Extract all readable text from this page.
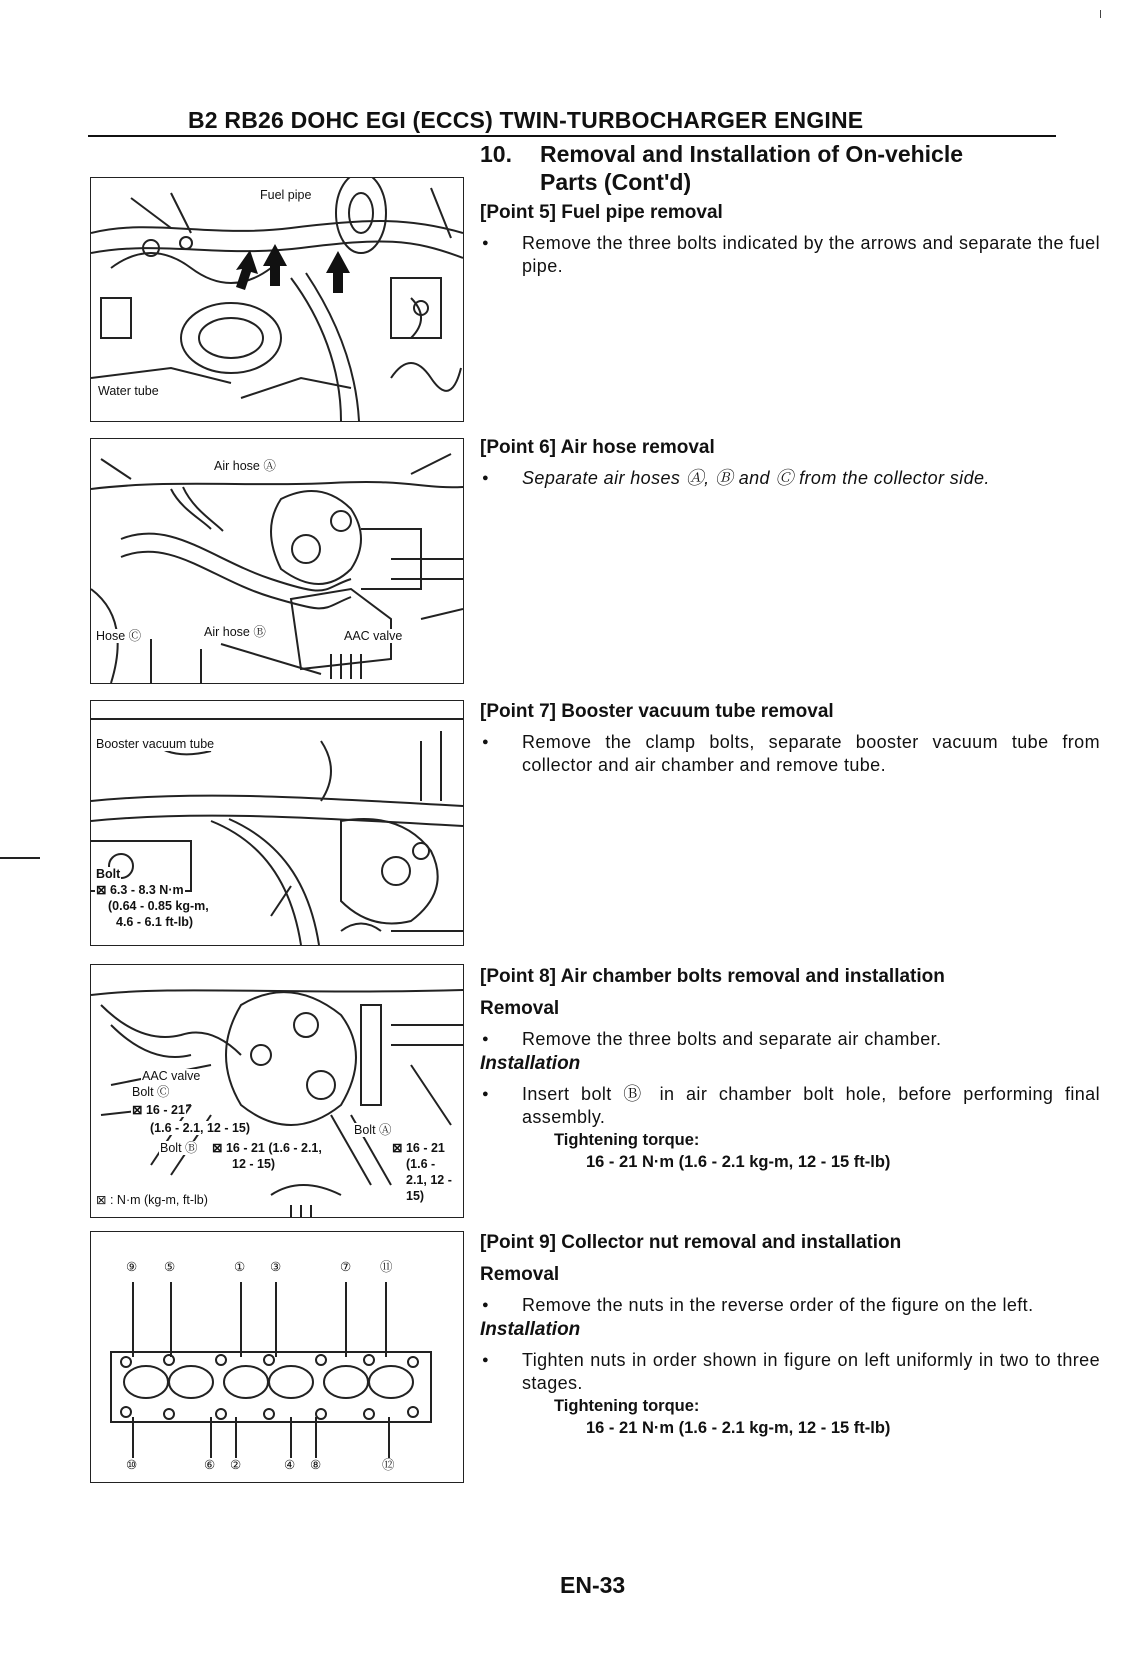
B2 RB26 DOHC EGI (ECCS) TWIN-TURBOCHARGER ENGINE
Fuel pipe
Water tube
Air hose Ⓐ
Hose Ⓒ	Air hose Ⓑ	AAC valve
Booster vacuum tube
Bolt
⊠ 6.3 - 8.3 N·m
(0.64 - 0.85 kg-m,
4.6 - 6.1 ft-lb)
AAC valve
Bolt Ⓒ
⊠ 16 - 21
(1.6 - 2.1, 12 - 15)
Bolt Ⓑ ⊠ 16 - 21 (1.6 - 2.1,
12 - 15)
Bolt Ⓐ
⊠ 16 - 21
(1.6 -
2.1, 12 -
15)
⊠ : N·m (kg-m, ft-lb)
⑨ ⑤	① ③	⑦ ⑪
⑩	⑥ ②	④ ⑧	⑫
10. Removal and Installation of On-vehicle
Parts (Cont'd)
[Point 5] Fuel pipe removal
● Remove the three bolts indicated by the arrows and separate the fuel pipe.
[Point 6] Air hose removal
● Separate air hoses Ⓐ, Ⓑ and Ⓒ from the collector side.
[Point 7] Booster vacuum tube removal
● Remove the clamp bolts, separate booster vacuum tube from collector and air chamber and remove tube.
[Point 8] Air chamber bolts removal and installation
Removal
● Remove the three bolts and separate air chamber.
Installation
● Insert bolt Ⓑ in air chamber bolt hole, before performing final assembly.
Tightening torque:
16 - 21 N·m (1.6 - 2.1 kg-m, 12 - 15 ft-lb)
[Point 9] Collector nut removal and installation
Removal
● Remove the nuts in the reverse order of the figure on the left.
Installation
● Tighten nuts in order shown in figure on left uniformly in two to three stages.
Tightening torque:
16 - 21 N·m (1.6 - 2.1 kg-m, 12 - 15 ft-lb)
EN-33
